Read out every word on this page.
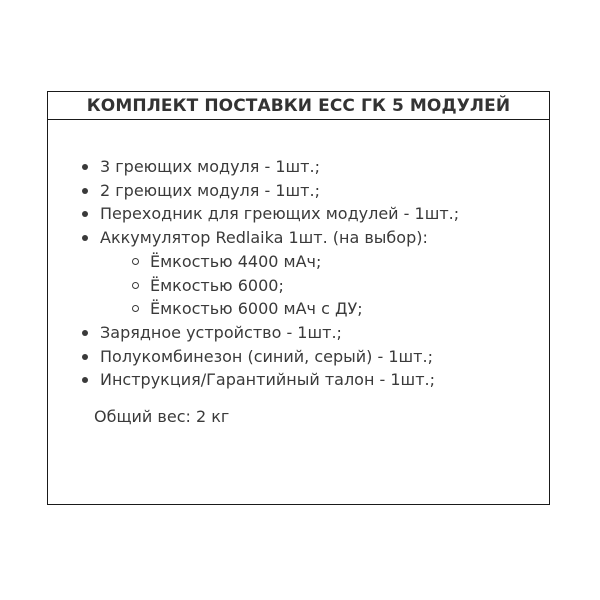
КОМПЛЕКТ ПОСТАВКИ ECC ГК 5 МОДУЛЕЙ
3 греющих модуля - 1шт.;
2 греющих модуля - 1шт.;
Переходник для греющих модулей - 1шт.;
Аккумулятор Redlaika 1шт. (на выбор):
Ёмкостью 4400 мАч;
Ёмкостью 6000;
Ёмкостью 6000 мАч с ДУ;
Зарядное устройство - 1шт.;
Полукомбинезон (синий, серый) - 1шт.;
Инструкция/Гарантийный талон - 1шт.;
Общий вес: 2 кг
